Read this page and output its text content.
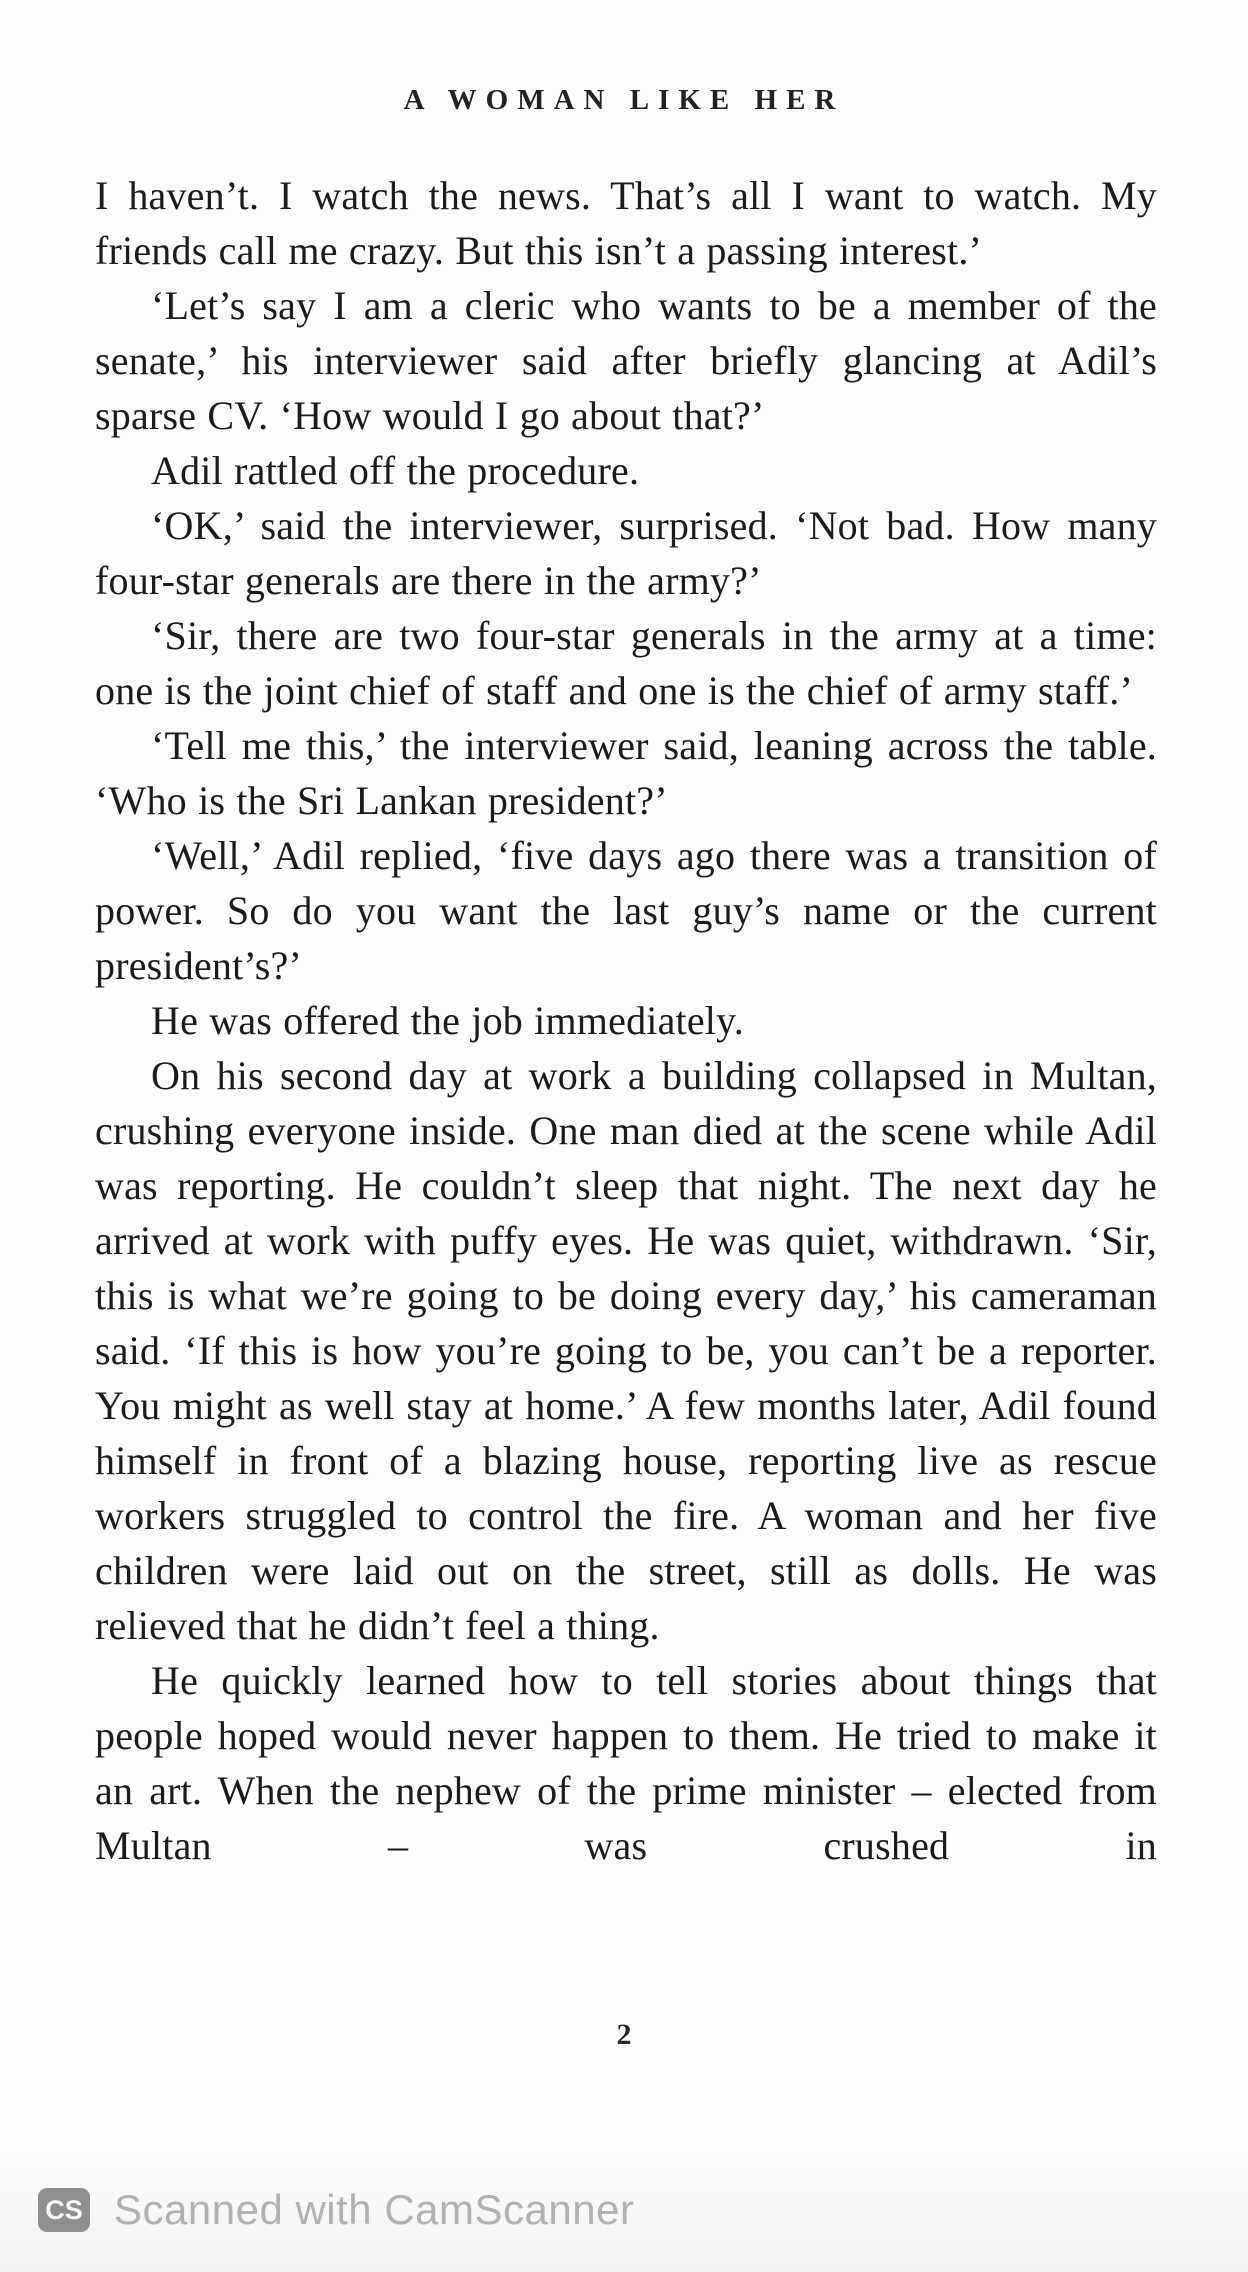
A WOMAN LIKE HER

I haven’t. I watch the news. That’s all I want to watch. My friends call me crazy. But this isn’t a passing interest.’

‘Let’s say I am a cleric who wants to be a member of the senate,’ his interviewer said after briefly glancing at Adil’s sparse CV. ‘How would I go about that?’

Adil rattled off the procedure.

‘OK,’ said the interviewer, surprised. ‘Not bad. How many four-star generals are there in the army?’

‘Sir, there are two four-star generals in the army at a time: one is the joint chief of staff and one is the chief of army staff.’

‘Tell me this,’ the interviewer said, leaning across the table. ‘Who is the Sri Lankan president?’

‘Well,’ Adil replied, ‘five days ago there was a transition of power. So do you want the last guy’s name or the current president’s?’

He was offered the job immediately.

On his second day at work a building collapsed in Multan, crushing everyone inside. One man died at the scene while Adil was reporting. He couldn’t sleep that night. The next day he arrived at work with puffy eyes. He was quiet, withdrawn. ‘Sir, this is what we’re going to be doing every day,’ his cameraman said. ‘If this is how you’re going to be, you can’t be a reporter. You might as well stay at home.’ A few months later, Adil found himself in front of a blazing house, reporting live as rescue workers struggled to control the fire. A woman and her five children were laid out on the street, still as dolls. He was relieved that he didn’t feel a thing.

He quickly learned how to tell stories about things that people hoped would never happen to them. He tried to make it an art. When the nephew of the prime minister – elected from Multan – was crushed in

2
CS Scanned with CamScanner
